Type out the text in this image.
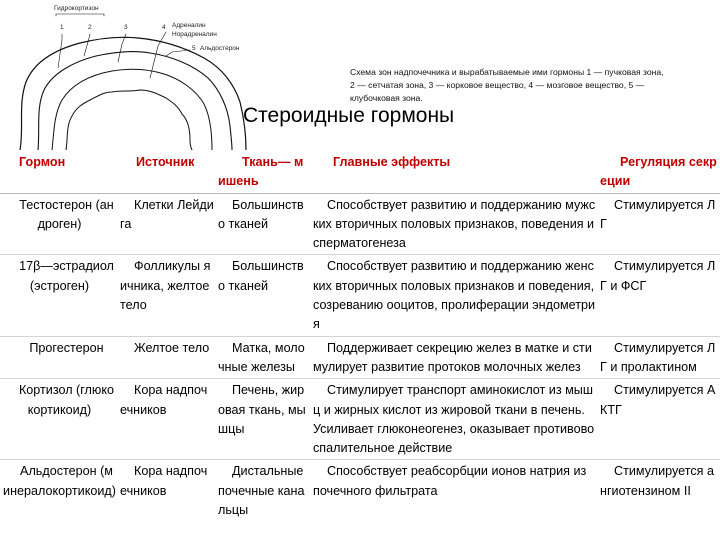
Гидрокортизон
1	2	3	4 Адреналин
Норадреналин
5 Альдостерон
Схема зон надпочечника и вырабатываемые ими гормоны 1 — пучковая зона, 2 — сетчатая зона, 3 — корковое вещество, 4 — мозговое вещество, 5 — клубочковая зона.
Стероидные гормоны
Гормон	Источник	Ткань— мишень	Главные эффекты	Регуляция секреции
Тестостерон (андроген)	Клетки Лейдига	Большинство тканей	Способствует развитию и поддержанию мужских вторичных половых признаков, поведения и сперматогенеза	Стимулируется ЛГ
17β—эстрадиол (эстроген)	Фолликулы яичника, желтое тело	Большинство тканей	Способствует развитию и поддержанию женских вторичных половых признаков и поведения, созреванию ооцитов, пролиферации эндометрия	Стимулируется ЛГ и ФСГ
Прогестерон	Желтое тело	Матка, молочные железы	Поддерживает секрецию желез в матке и стимулирует развитие протоков молочных желез	Стимулируется ЛГ и пролактином
Кортизол (глюкокортикоид)	Кора надпочечников	Печень, жировая ткань, мышцы	Стимулирует транспорт аминокислот из мышц и жирных кислот из жировой ткани в печень. Усиливает глюконеогенез, оказывает противовоспалительное действие	Стимулируется АКТГ
Альдостерон (минералокортикоид)	Кора надпочечников	Дистальные почечные канальцы	Способствует реабсорбции ионов натрия из почечного фильтрата	Стимулируется ангиотензином II
